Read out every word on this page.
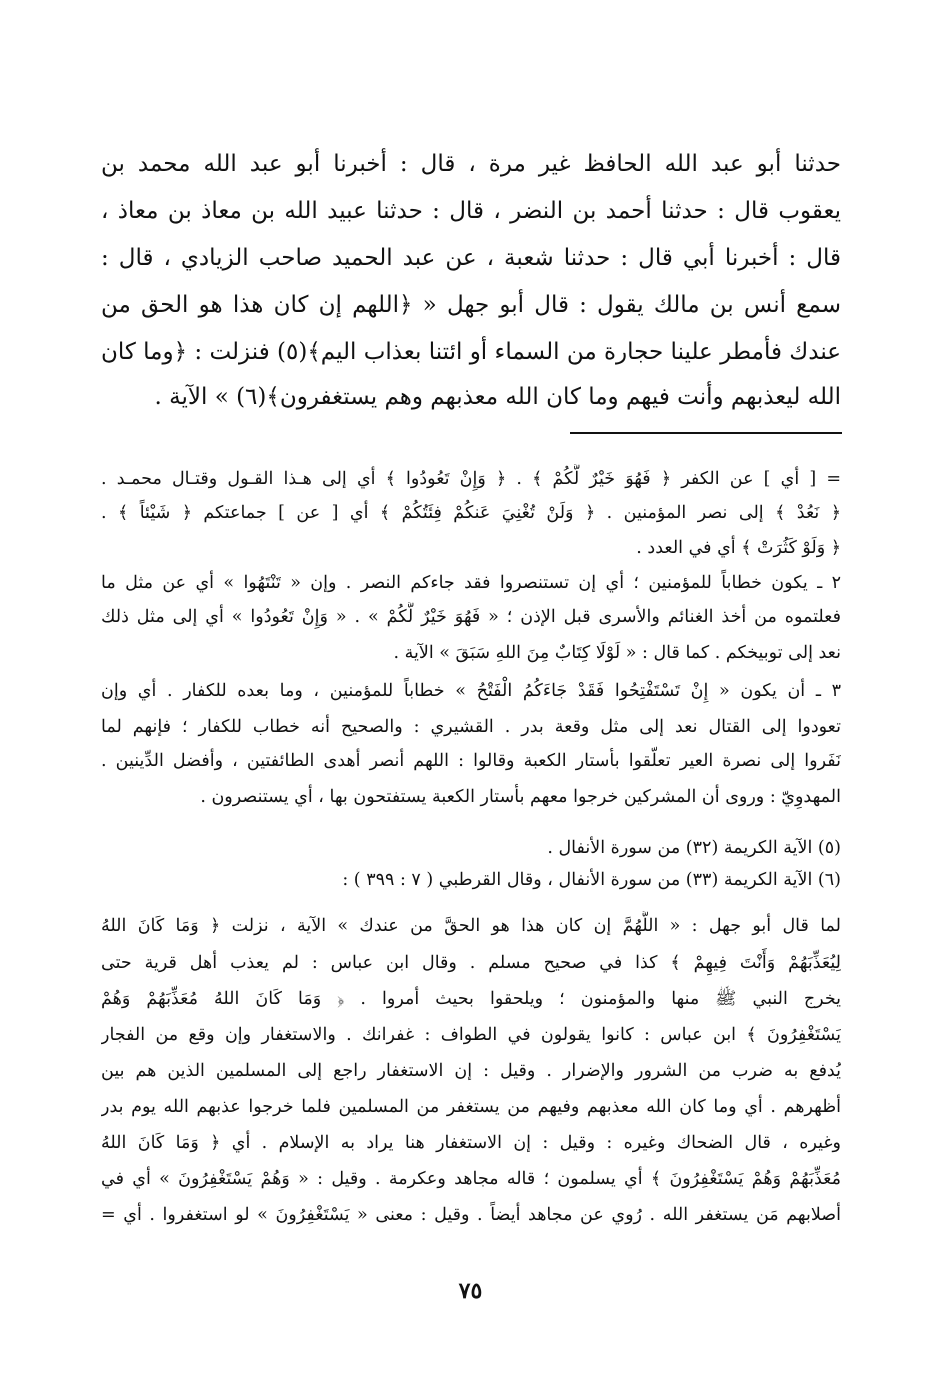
حدثنا أبو عبد الله الحافظ غير مرة ، قال : أخبرنا أبو عبد الله محمد بن
يعقوب قال : حدثنا أحمد بن النضر ، قال : حدثنا عبيد الله بن معاذ بن معاذ ،
قال : أخبرنا أبي قال : حدثنا شعبة ، عن عبد الحميد صاحب الزيادي ، قال :
سمع أنس بن مالك يقول : قال أبو جهل « ﴿اللهم إن كان هذا هو الحق من
عندك فأمطر علينا حجارة من السماء أو ائتنا بعذاب اليم﴾(٥) فنزلت : ﴿وما كان
الله ليعذبهم وأنت فيهم وما كان الله معذبهم وهم يستغفرون﴾(٦) » الآية .
= [ أي ] عن الكفر ﴿ فَهُوَ خَيْرٌ لَّكُمْ ﴾ . ﴿ وَإِنْ تَعُودُوا ﴾ أي إلى هـذا القـول وقتـال محمـد .
﴿ نَعُدْ ﴾ إلى نصر المؤمنين . ﴿ وَلَنْ تُغْنِيَ عَنكُمْ فِئَتُكُمْ ﴾ أي [ عن ] جماعتكم ﴿ شَيْئاً ﴾ .
﴿ وَلَوْ كَثُرَتْ ﴾ أي في العدد .
٢ ـ يكون خطاباً للمؤمنين ؛ أي إن تستنصروا فقد جاءكم النصر . وإن « تَنْتَهُوا » أي عن مثل ما
فعلتموه من أخذ الغنائم والأسرى قبل الإذن ؛ « فَهُوَ خَيْرٌ لَّكُمْ » . « وَإِنْ تَعُودُوا » أي إلى مثل ذلك
نعد إلى توبيخكم . كما قال : « لَوْلَا كِتَابٌ مِنَ اللهِ سَبَقَ » الآية .
٣ ـ أن يكون « إِنْ تَسْتَفْتِحُوا فَقَدْ جَاءَكُمُ الْفَتْحُ » خطاباً للمؤمنين ، وما بعده للكفار . أي وإن
تعودوا إلى القتال نعد إلى مثل وقعة بدر . القشيري : والصحيح أنه خطاب للكفار ؛ فإنهم لما
نَفَروا إلى نصرة العير تعلّقوا بأستار الكعبة وقالوا : اللهم أنصر أهدى الطائفتين ، وأفضل الدِّينين .
المهدوِيّ : وروى أن المشركين خرجوا معهم بأستار الكعبة يستفتحون بها ، أي يستنصرون .
(٥) الآية الكريمة (٣٢) من سورة الأنفال .
(٦) الآية الكريمة (٣٣) من سورة الأنفال ، وقال القرطبي ( ٧ : ٣٩٩ ) :
لما قال أبو جهل : « اللَّهُمَّ إن كان هذا هو الحقَّ من عندك » الآية ، نزلت ﴿ وَمَا كَانَ اللهُ
لِيُعَذِّبَهُمْ وَأَنْتَ فِيهِمْ ﴾ كذا في صحيح مسلم . وقال ابن عباس : لم يعذب أهل قرية حتى
يخرج النبي ﷺ منها والمؤمنون ؛ ويلحقوا بحيث أمروا . ﴿ وَمَا كَانَ اللهُ مُعَذِّبَهُمْ وَهُمْ
يَسْتَغْفِرُونَ ﴾ ابن عباس : كانوا يقولون في الطواف : غفرانك . والاستغفار وإن وقع من الفجار
يُدفع به ضرب من الشرور والإضرار . وقيل : إن الاستغفار راجع إلى المسلمين الذين هم بين
أظهرهم . أي وما كان الله معذبهم وفيهم من يستغفر من المسلمين فلما خرجوا عذبهم الله يوم بدر
وغيره ، قال الضحاك وغيره : وقيل : إن الاستغفار هنا يراد به الإسلام . أي ﴿ وَمَا كَانَ اللهُ
مُعَذِّبَهُمْ وَهُمْ يَسْتَغْفِرُونَ ﴾ أي يسلمون ؛ قاله مجاهد وعكرمة . وقيل : « وَهُمْ يَسْتَغْفِرُونَ » أي في
أصلابهم مَن يستغفر الله . رُوي عن مجاهد أيضاً . وقيل : معنى « يَسْتَغْفِرُونَ » لو استغفروا . أي =
٧٥
